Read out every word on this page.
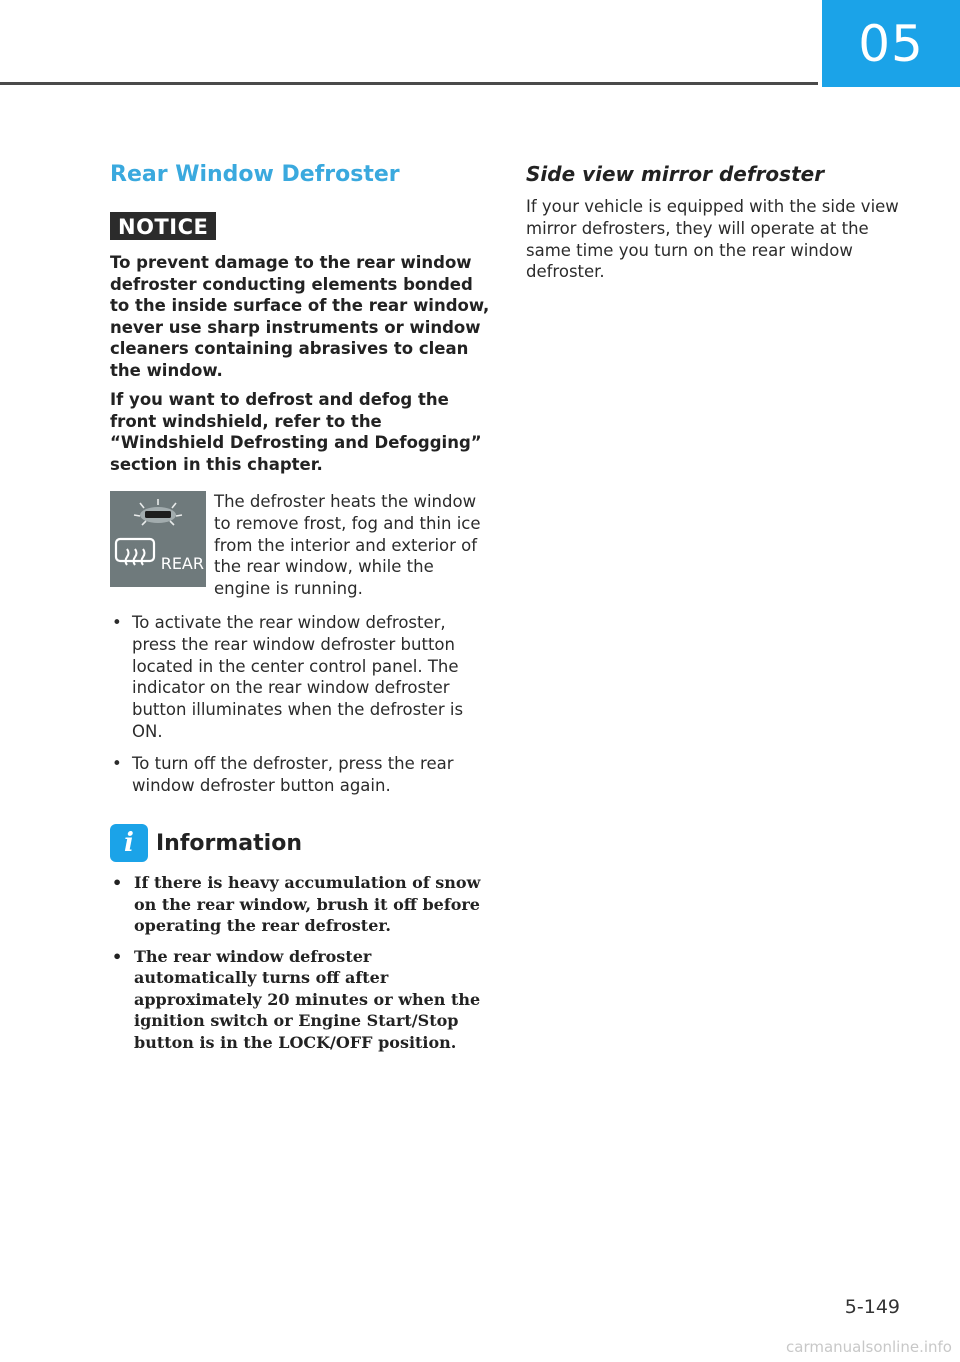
05
Rear Window Defroster
NOTICE

To prevent damage to the rear window defroster conducting elements bonded to the inside surface of the rear window, never use sharp instruments or window cleaners containing abrasives to clean the window.

If you want to defrost and defog the front windshield, refer to the “Windshield Defrosting and Defogging” section in this chapter.

REAR

The defroster heats the window to remove frost, fog and thin ice from the interior and exterior of the rear window, while the engine is running.

• To activate the rear window defroster, press the rear window defroster button located in the center control panel. The indicator on the rear window defroster button illuminates when the defroster is ON.
• To turn off the defroster, press the rear window defroster button again.
i	Information
• If there is heavy accumulation of snow on the rear window, brush it off before operating the rear defroster.
• The rear window defroster automatically turns off after approximately 20 minutes or when the ignition switch or Engine Start/Stop button is in the LOCK/OFF position.
Side view mirror defroster

If your vehicle is equipped with the side view mirror defrosters, they will operate at the same time you turn on the rear window defroster.

5-149
carmanualsonline.info
